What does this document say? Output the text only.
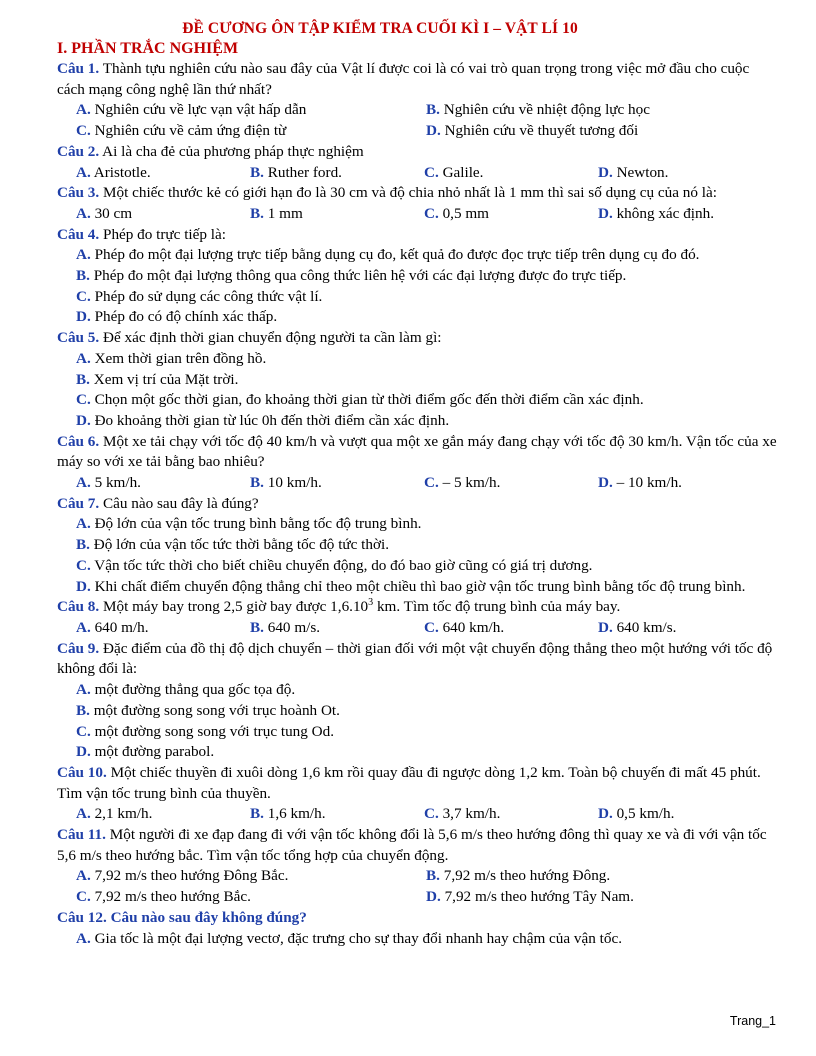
ĐỀ CƯƠNG ÔN TẬP KIỂM TRA CUỐI KÌ I – VẬT LÍ 10
I. PHẦN TRẮC NGHIỆM

Câu 1. Thành tựu nghiên cứu nào sau đây của Vật lí được coi là có vai trò quan trọng trong việc mở đầu cho cuộc cách mạng công nghệ lần thứ nhất?

A. Nghiên cứu về lực vạn vật hấp dẫn	B. Nghiên cứu về nhiệt động lực học
C. Nghiên cứu về cảm ứng điện từ	D. Nghiên cứu về thuyết tương đối

Câu 2. Ai là cha đẻ của phương pháp thực nghiệm

A. Aristotle.	B. Ruther ford.	C. Galile.	D. Newton.

Câu 3. Một chiếc thước kẻ có giới hạn đo là 30 cm và độ chia nhỏ nhất là 1 mm thì sai số dụng cụ của nó là:

A. 30 cm	B. 1 mm	C. 0,5 mm	D. không xác định.

Câu 4. Phép đo trực tiếp là:

A. Phép đo một đại lượng trực tiếp bằng dụng cụ đo, kết quả đo được đọc trực tiếp trên dụng cụ đo đó.

B. Phép đo một đại lượng thông qua công thức liên hệ với các đại lượng được đo trực tiếp.

C. Phép đo sử dụng các công thức vật lí.

D. Phép đo có độ chính xác thấp.

Câu 5. Để xác định thời gian chuyển động người ta cần làm gì:

A. Xem thời gian trên đồng hồ.

B. Xem vị trí của Mặt trời.

C. Chọn một gốc thời gian, đo khoảng thời gian từ thời điểm gốc đến thời điểm cần xác định.

D. Đo khoảng thời gian từ lúc 0h đến thời điểm cần xác định.

Câu 6. Một xe tải chạy với tốc độ 40 km/h và vượt qua một xe gắn máy đang chạy với tốc độ 30 km/h. Vận tốc của xe máy so với xe tải bằng bao nhiêu?

A. 5 km/h.	B. 10 km/h.	C. – 5 km/h.	D. – 10 km/h.

Câu 7. Câu nào sau đây là đúng?

A. Độ lớn của vận tốc trung bình bằng tốc độ trung bình.

B. Độ lớn của vận tốc tức thời bằng tốc độ tức thời.

C. Vận tốc tức thời cho biết chiều chuyển động, do đó bao giờ cũng có giá trị dương.

D. Khi chất điểm chuyển động thẳng chỉ theo một chiều thì bao giờ vận tốc trung bình bằng tốc độ trung bình.

Câu 8. Một máy bay trong 2,5 giờ bay được 1,6.10$^3$ km. Tìm tốc độ trung bình của máy bay.

A. 640 m/h.	B. 640 m/s.	C. 640 km/h.	D. 640 km/s.

Câu 9. Đặc điểm của đồ thị độ dịch chuyển – thời gian đối với một vật chuyển động thẳng theo một hướng với tốc độ không đổi là:

A. một đường thẳng qua gốc tọa độ.

B. một đường song song với trục hoành Ot.

C. một đường song song với trục tung Od.

D. một đường parabol.

Câu 10. Một chiếc thuyền đi xuôi dòng 1,6 km rồi quay đầu đi ngược dòng 1,2 km. Toàn bộ chuyến đi mất 45 phút. Tìm vận tốc trung bình của thuyền.

A. 2,1 km/h.	B. 1,6 km/h.	C. 3,7 km/h.	D. 0,5 km/h.

Câu 11. Một người đi xe đạp đang đi với vận tốc không đổi là 5,6 m/s theo hướng đông thì quay xe và đi với vận tốc 5,6 m/s theo hướng bắc. Tìm vận tốc tổng hợp của chuyển động.

A. 7,92 m/s theo hướng Đông Bắc.	B. 7,92 m/s theo hướng Đông.
C. 7,92 m/s theo hướng Bắc.	D. 7,92 m/s theo hướng Tây Nam.

Câu 12. Câu nào sau đây không đúng?

A. Gia tốc là một đại lượng vectơ, đặc trưng cho sự thay đổi nhanh hay chậm của vận tốc.

Trang_1
